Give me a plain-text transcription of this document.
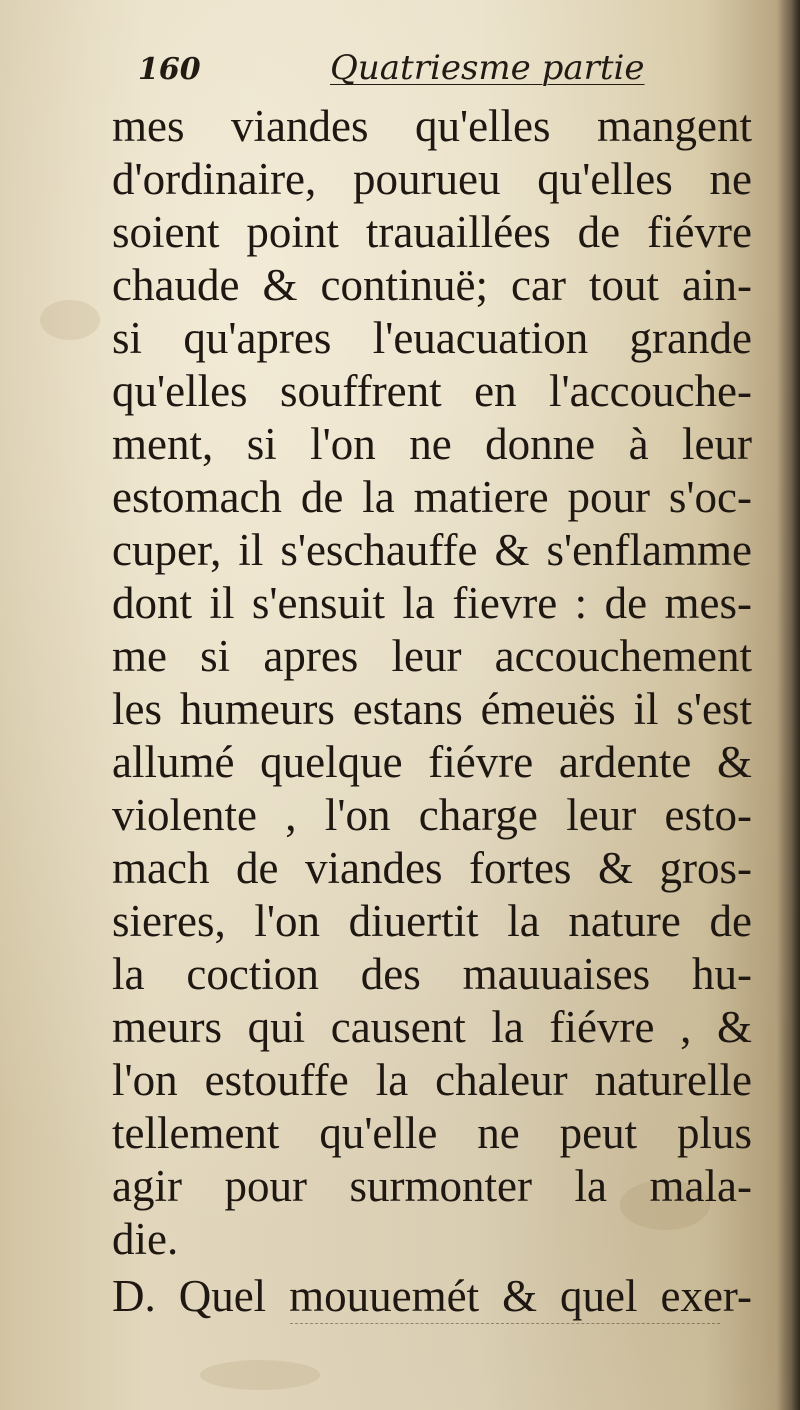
160	Quatriesme partie
mes viandes qu'elles mangent
d'ordinaire, pourueu qu'elles ne
soient point trauaillées de fiévre
chaude & continuë; car tout ain-
si qu'apres l'euacuation grande
qu'elles souffrent en l'accouche-
ment, si l'on ne donne à leur
estomach de la matiere pour s'oc-
cuper, il s'eschauffe & s'enflamme
dont il s'ensuit la fievre : de mes-
me si apres leur accouchement
les humeurs estans émeuës il s'est
allumé quelque fiévre ardente &
violente , l'on charge leur esto-
mach de viandes fortes & gros-
sieres, l'on diuertit la nature de
la coction des mauuaises hu-
meurs qui causent la fiévre , &
l'on estouffe la chaleur naturelle
tellement qu'elle ne peut plus
agir pour surmonter la mala-
die.
D. Quel mouuemét & quel exer-
